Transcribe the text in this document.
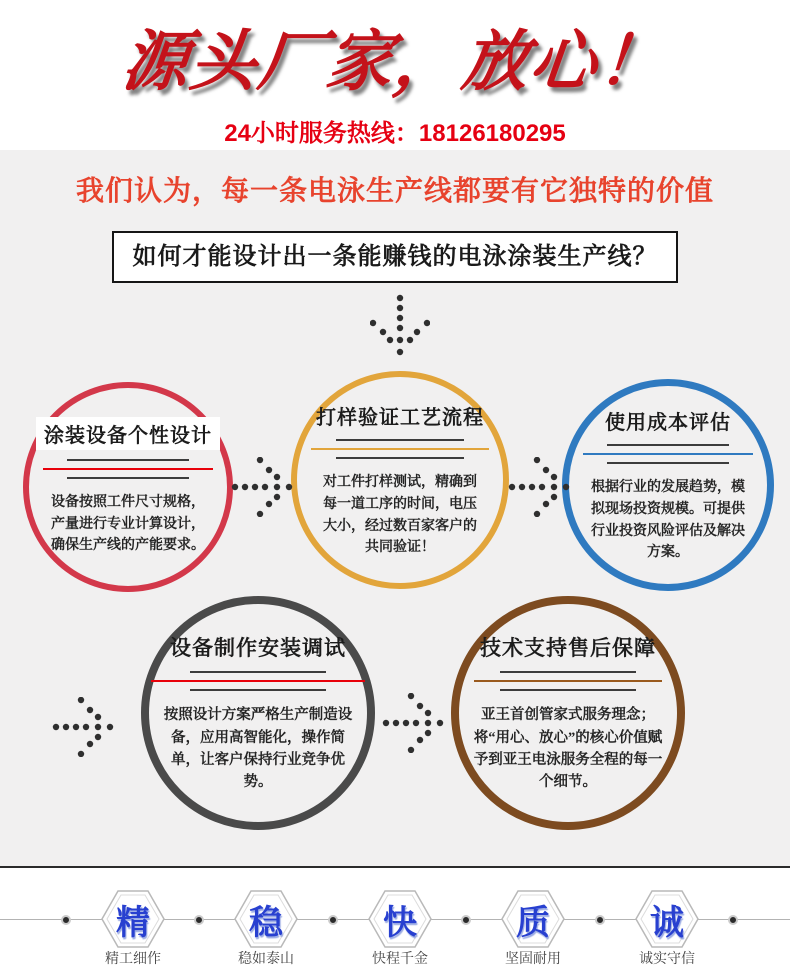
源头厂家，放心！
24小时服务热线：18126180295
我们认为，每一条电泳生产线都要有它独特的价值
如何才能设计出一条能赚钱的电泳涂装生产线？
涂装设备个性设计
设备按照工件尺寸规格，产量进行专业计算设计，确保生产线的产能要求。
打样验证工艺流程
对工件打样测试，精确到每一道工序的时间，电压大小，经过数百家客户的共同验证！
使用成本评估
根据行业的发展趋势，模拟现场投资规模。可提供行业投资风险评估及解决方案。
设备制作安装调试
按照设计方案严格生产制造设备，应用高智能化，操作简单，让客户保持行业竞争优势。
技术支持售后保障
亚王首创管家式服务理念；将“用心、放心”的核心价值赋予到亚王电泳服务全程的每一个细节。
精	稳	快	质	诚
精工细作	稳如泰山	快程千金	坚固耐用	诚实守信
